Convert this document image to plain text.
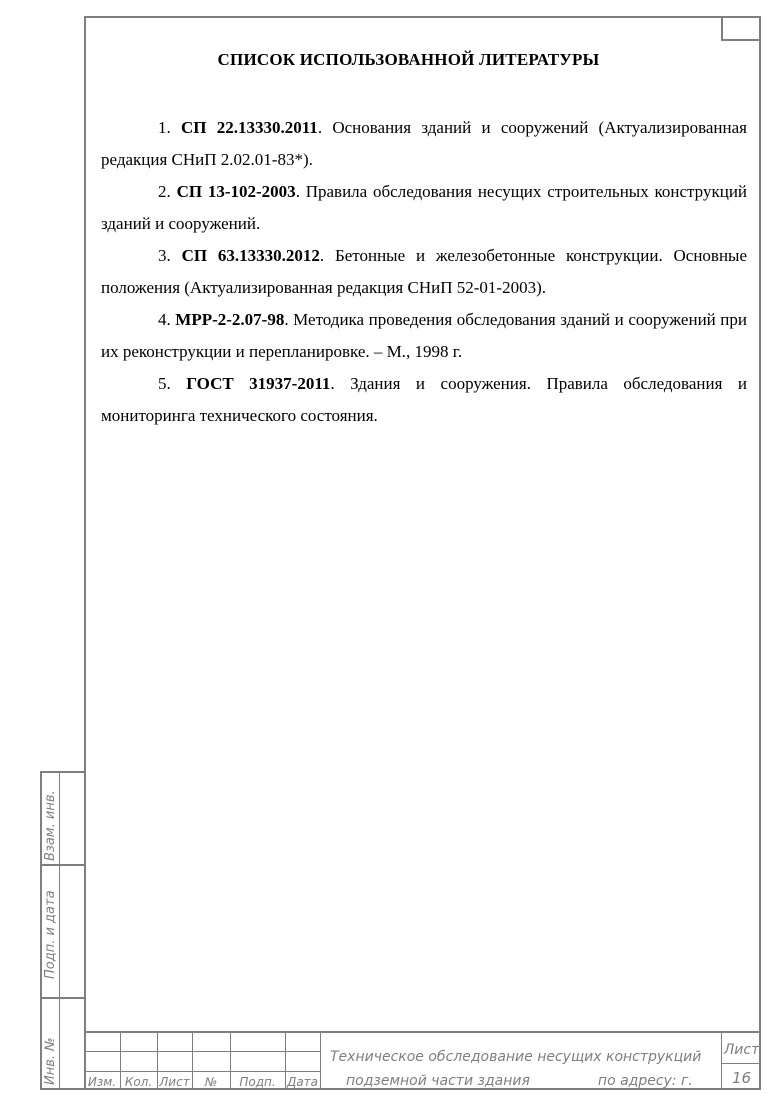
СПИСОК ИСПОЛЬЗОВАННОЙ ЛИТЕРАТУРЫ

1. СП 22.13330.2011. Основания зданий и сооружений (Актуализированная редакция СНиП 2.02.01-83*).

2. СП 13-102-2003. Правила обследования несущих строительных конструкций зданий и сооружений.

3. СП 63.13330.2012. Бетонные и железобетонные конструкции. Основные положения (Актуализированная редакция СНиП 52-01-2003).

4. МРР-2-2.07-98. Методика проведения обследования зданий и сооружений при их реконструкции и перепланировке. – М., 1998 г.

5. ГОСТ 31937-2011. Здания и сооружения. Правила обследования и мониторинга технического состояния.

Взам. инв.
Подп. и дата
Инв. №	Изм. Кол. Лист	№	Подп. Дата
Техническое обследование несущих конструкций
подземной части здания	по адресу: г.
Лист
16
